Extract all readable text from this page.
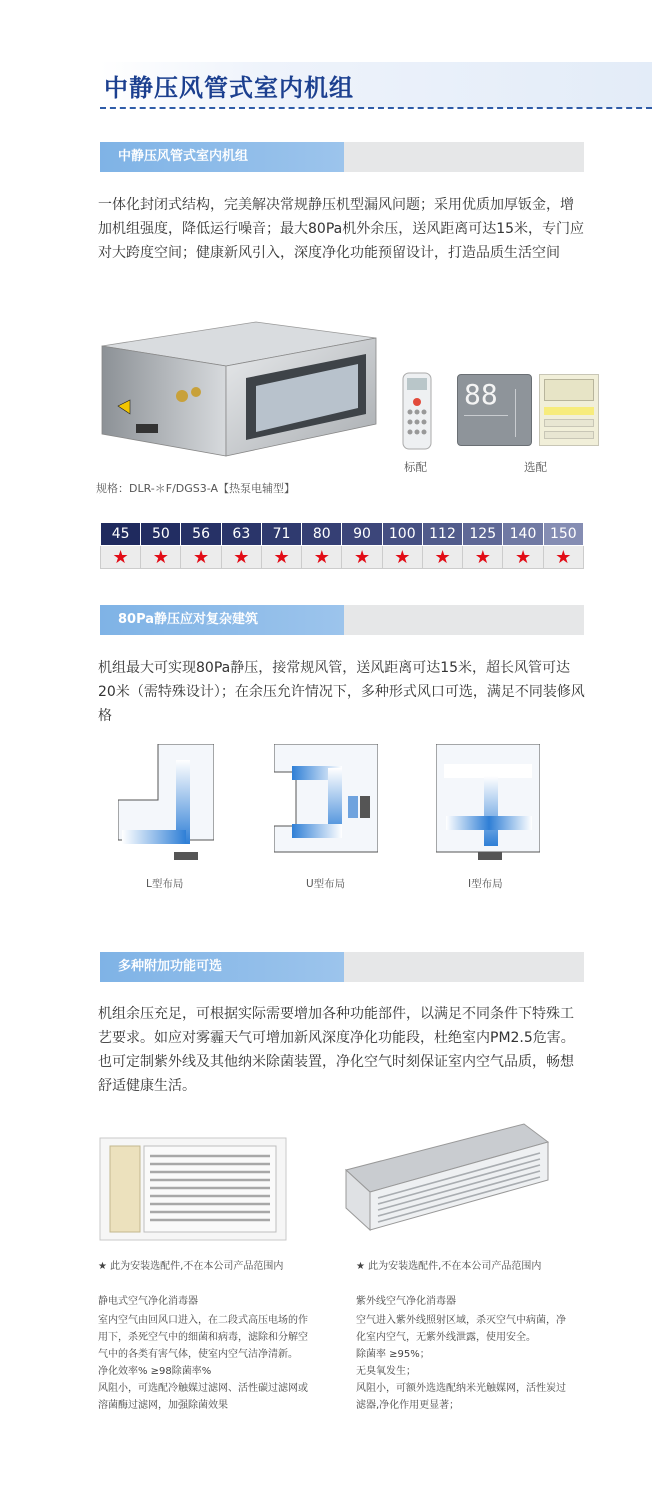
中静压风管式室内机组
中静压风管式室内机组
一体化封闭式结构，完美解决常规静压机型漏风问题；采用优质加厚钣金，增加机组强度，降低运行噪音；最大80Pa机外余压，送风距离可达15米，专门应对大跨度空间；健康新风引入，深度净化功能预留设计，打造品质生活空间
88
标配	选配
规格：DLR-＊F/DGS3-A【热泵电辅型】
45	50	56	63	71	80	90	100	112	125	140	150
★	★	★	★	★	★	★	★	★	★	★	★
80Pa静压应对复杂建筑
机组最大可实现80Pa静压，接常规风管，送风距离可达15米，超长风管可达20米（需特殊设计）；在余压允许情况下，多种形式风口可选，满足不同装修风格
L型布局	U型布局	I型布局
多种附加功能可选
机组余压充足，可根据实际需要增加各种功能部件，以满足不同条件下特殊工艺要求。如应对雾霾天气可增加新风深度净化功能段，杜绝室内PM2.5危害。也可定制紫外线及其他纳米除菌装置，净化空气时刻保证室内空气品质，畅想舒适健康生活。
★ 此为安装选配件,不在本公司产品范围内	★ 此为安装选配件,不在本公司产品范围内
静电式空气净化消毒器
室内空气由回风口进入，在二段式高压电场的作
用下，杀死空气中的细菌和病毒，滤除和分解空
气中的各类有害气体，使室内空气洁净清新。
净化效率% ≥98除菌率%
风阻小，可选配冷触媒过滤网、活性碳过滤网或
溶菌酶过滤网，加强除菌效果
紫外线空气净化消毒器
空气进入紫外线照射区域，杀灭空气中病菌，净
化室内空气，无紫外线泄露，使用安全。
除菌率 ≥95%；
无臭氧发生；
风阻小，可额外选选配纳米光触媒网，活性炭过
滤器,净化作用更显著；
